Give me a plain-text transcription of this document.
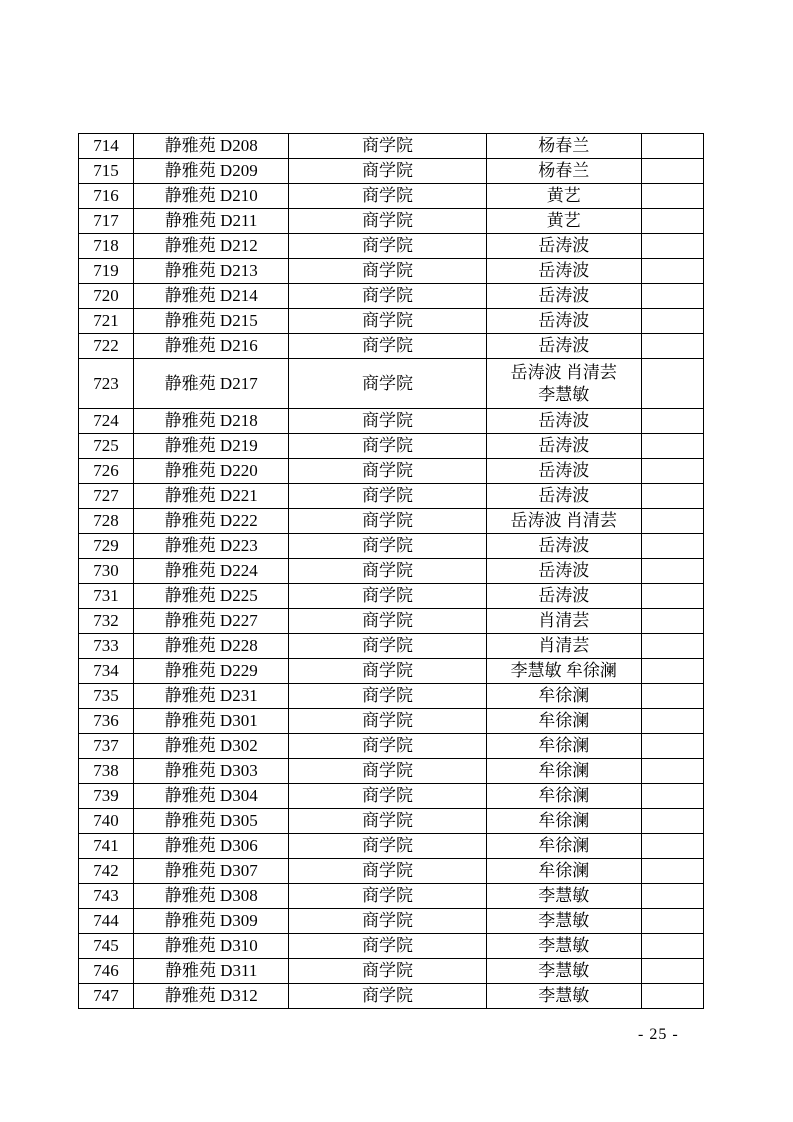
714	静雅苑 D208	商学院	杨春兰	
715	静雅苑 D209	商学院	杨春兰	
716	静雅苑 D210	商学院	黄艺	
717	静雅苑 D211	商学院	黄艺	
718	静雅苑 D212	商学院	岳涛波	
719	静雅苑 D213	商学院	岳涛波	
720	静雅苑 D214	商学院	岳涛波	
721	静雅苑 D215	商学院	岳涛波	
722	静雅苑 D216	商学院	岳涛波	
723	静雅苑 D217	商学院	岳涛波 肖清芸
李慧敏	

724	静雅苑 D218	商学院	岳涛波	
725	静雅苑 D219	商学院	岳涛波	
726	静雅苑 D220	商学院	岳涛波	
727	静雅苑 D221	商学院	岳涛波	
728	静雅苑 D222	商学院	岳涛波 肖清芸	
729	静雅苑 D223	商学院	岳涛波	
730	静雅苑 D224	商学院	岳涛波	
731	静雅苑 D225	商学院	岳涛波	
732	静雅苑 D227	商学院	肖清芸	
733	静雅苑 D228	商学院	肖清芸	
734	静雅苑 D229	商学院	李慧敏 牟徐澜	
735	静雅苑 D231	商学院	牟徐澜	
736	静雅苑 D301	商学院	牟徐澜	
737	静雅苑 D302	商学院	牟徐澜	
738	静雅苑 D303	商学院	牟徐澜	
739	静雅苑 D304	商学院	牟徐澜	
740	静雅苑 D305	商学院	牟徐澜	
741	静雅苑 D306	商学院	牟徐澜	
742	静雅苑 D307	商学院	牟徐澜	
743	静雅苑 D308	商学院	李慧敏	
744	静雅苑 D309	商学院	李慧敏	
745	静雅苑 D310	商学院	李慧敏	
746	静雅苑 D311	商学院	李慧敏	
747	静雅苑 D312	商学院	李慧敏	
- 25 -
